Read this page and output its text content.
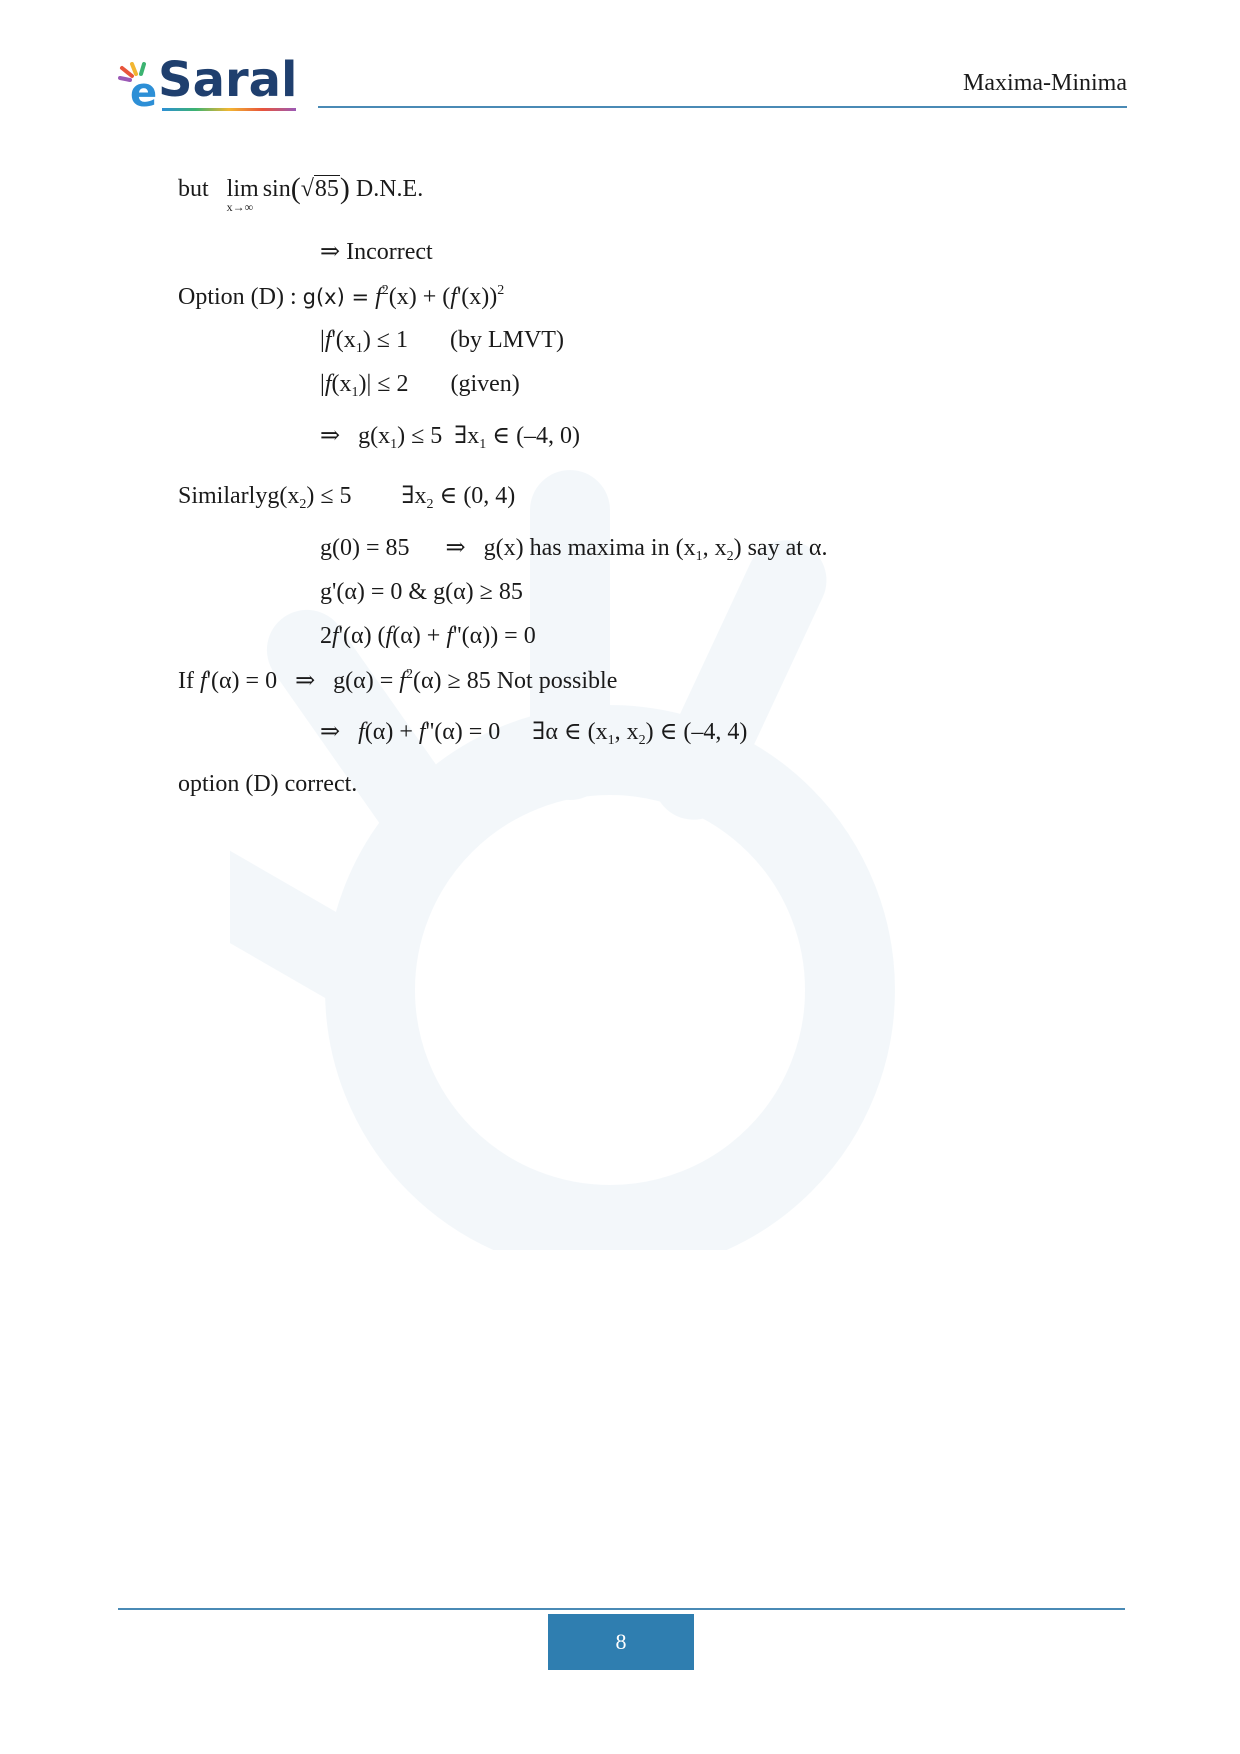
e Saral	Maxima-Minima
but lim
x→∞
sin(√85) D.N.E.
⇒ Incorrect
Option (D) : $g(x) = f^2(x) + (f'(x))^2$
$|f'(x_1) \le 1$  (by LMVT)
$|f(x_1)| \le 2$  (given)
⇒   $g(x_1) \le 5$  $\exists x_1$ ∈ (–4, 0)
$Similarlyg(x_2) \le 5$ $\exists x_2$ ∈ (0, 4)
g(0) = 85      ⇒   g(x) has maxima in ($x_1$, $x_2$) say at α.
g'(α) = 0 & g(α) ≥ 85
2f'(α) (f(α) + f''(α)) = 0
If f'(α) = 0   ⇒   $g(\alpha) = f^2(\alpha) \ge 85$ Not possible
⇒   f(α) + f''(α) = 0 ∃α ∈ ($x_1$, $x_2$) ∈ (–4, 4)
option (D) correct.
8
